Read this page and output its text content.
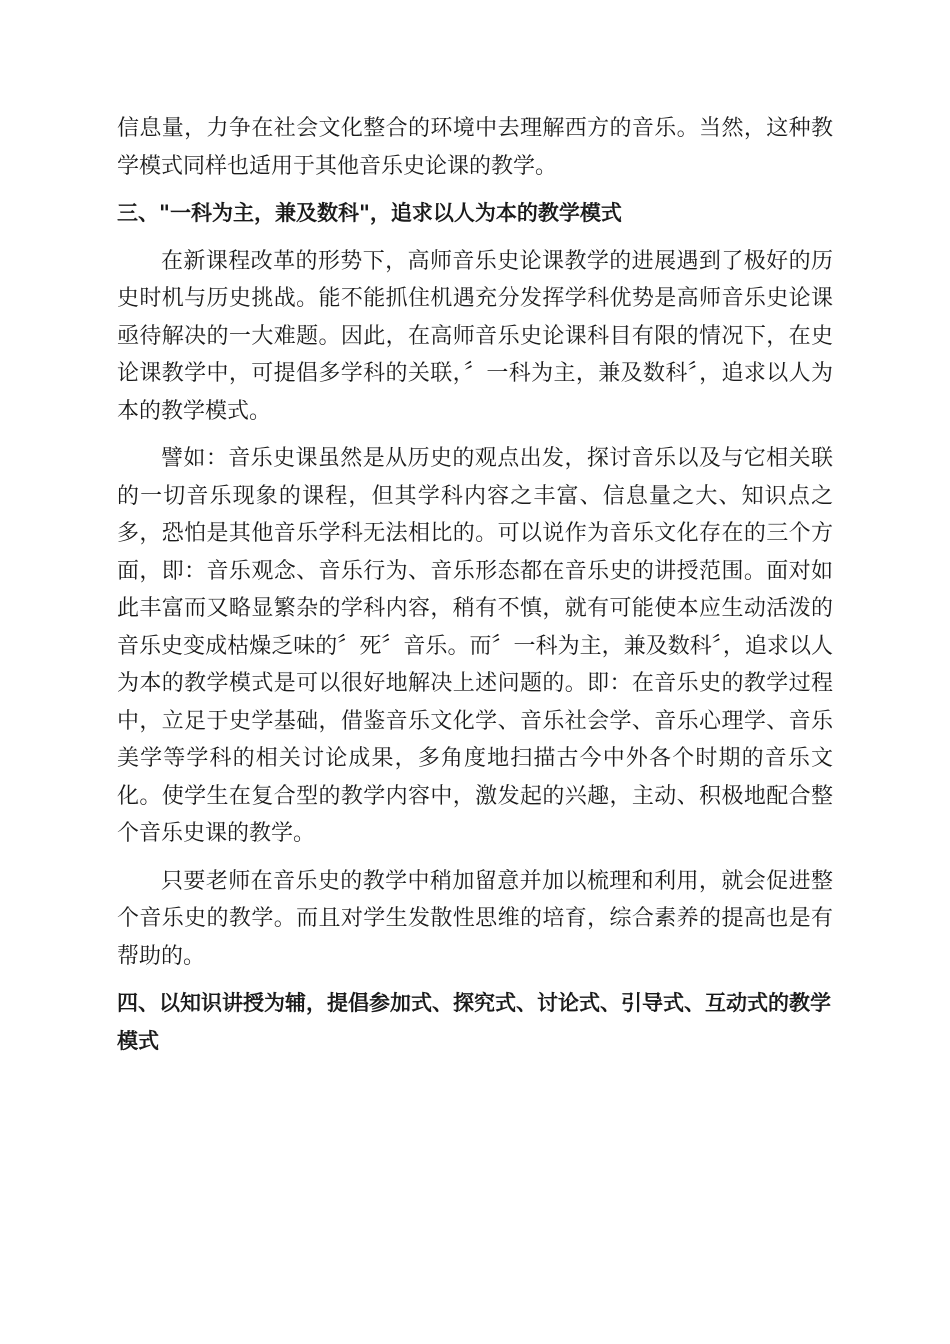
信息量，力争在社会文化整合的环境中去理解西方的音乐。当然，这种教学模式同样也适用于其他音乐史论课的教学。

三、"一科为主，兼及数科"，追求以人为本的教学模式

在新课程改革的形势下，高师音乐史论课教学的进展遇到了极好的历史时机与历史挑战。能不能抓住机遇充分发挥学科优势是高师音乐史论课亟待解决的一大难题。因此，在高师音乐史论课科目有限的情况下，在史论课教学中，可提倡多学科的关联，〞一科为主，兼及数科〞，追求以人为本的教学模式。

譬如：音乐史课虽然是从历史的观点出发，探讨音乐以及与它相关联的一切音乐现象的课程，但其学科内容之丰富、信息量之大、知识点之多，恐怕是其他音乐学科无法相比的。可以说作为音乐文化存在的三个方面，即：音乐观念、音乐行为、音乐形态都在音乐史的讲授范围。面对如此丰富而又略显繁杂的学科内容，稍有不慎，就有可能使本应生动活泼的音乐史变成枯燥乏味的〞死〞音乐。而〞一科为主，兼及数科〞，追求以人为本的教学模式是可以很好地解决上述问题的。即：在音乐史的教学过程中，立足于史学基础，借鉴音乐文化学、音乐社会学、音乐心理学、音乐美学等学科的相关讨论成果，多角度地扫描古今中外各个时期的音乐文化。使学生在复合型的教学内容中，激发起的兴趣，主动、积极地配合整个音乐史课的教学。

只要老师在音乐史的教学中稍加留意并加以梳理和利用，就会促进整个音乐史的教学。而且对学生发散性思维的培育，综合素养的提高也是有帮助的。

四、以知识讲授为辅，提倡参加式、探究式、讨论式、引导式、互动式的教学模式
